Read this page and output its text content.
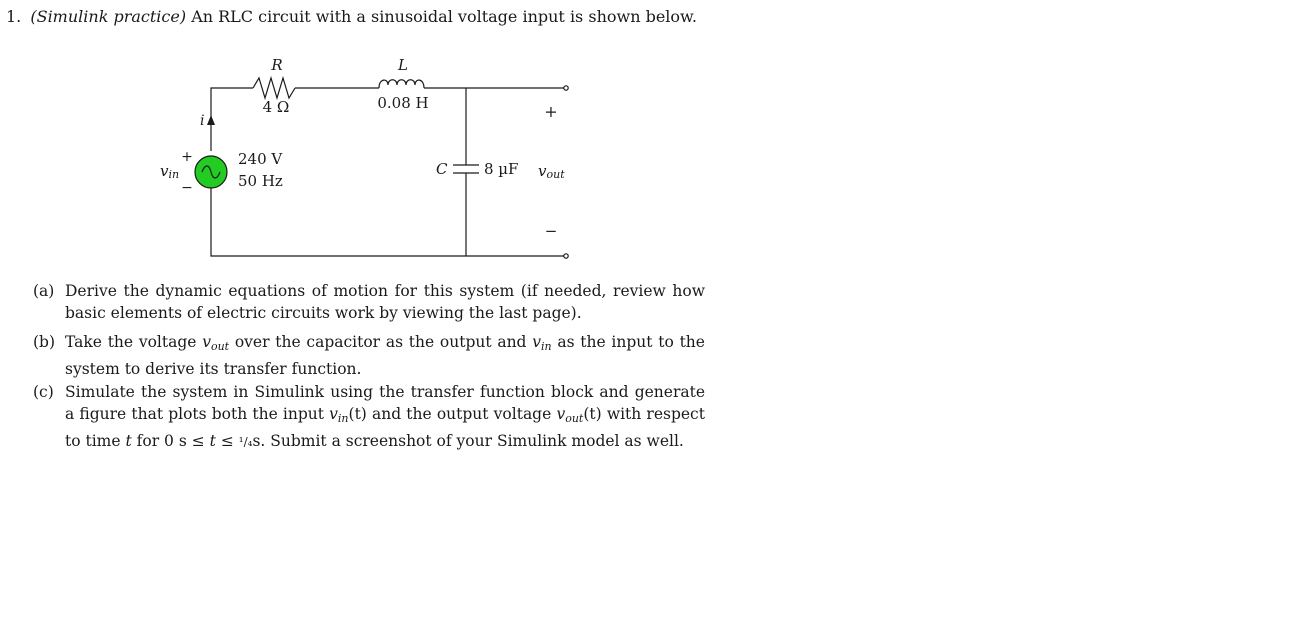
1. (Simulink practice) An RLC circuit with a sinusoidal voltage input is shown below.
R
4 Ω
L
0.08 H
i
+
−
vin
240 V
50 Hz
C 8 µF
+
vout
−
(a) Derive the dynamic equations of motion for this system (if needed, review how basic elements of electric circuits work by viewing the last page).
(b) Take the voltage $v_{out}$ over the capacitor as the output and $v_{in}$ as the input to the system to derive its transfer function.
(c) Simulate the system in Simulink using the transfer function block and generate a figure that plots both the input $v_{in}(t)$ and the output voltage $v_{out}(t)$ with respect to time t for 0 s ≤ t ≤ ¹/₄s. Submit a screenshot of your Simulink model as well.
